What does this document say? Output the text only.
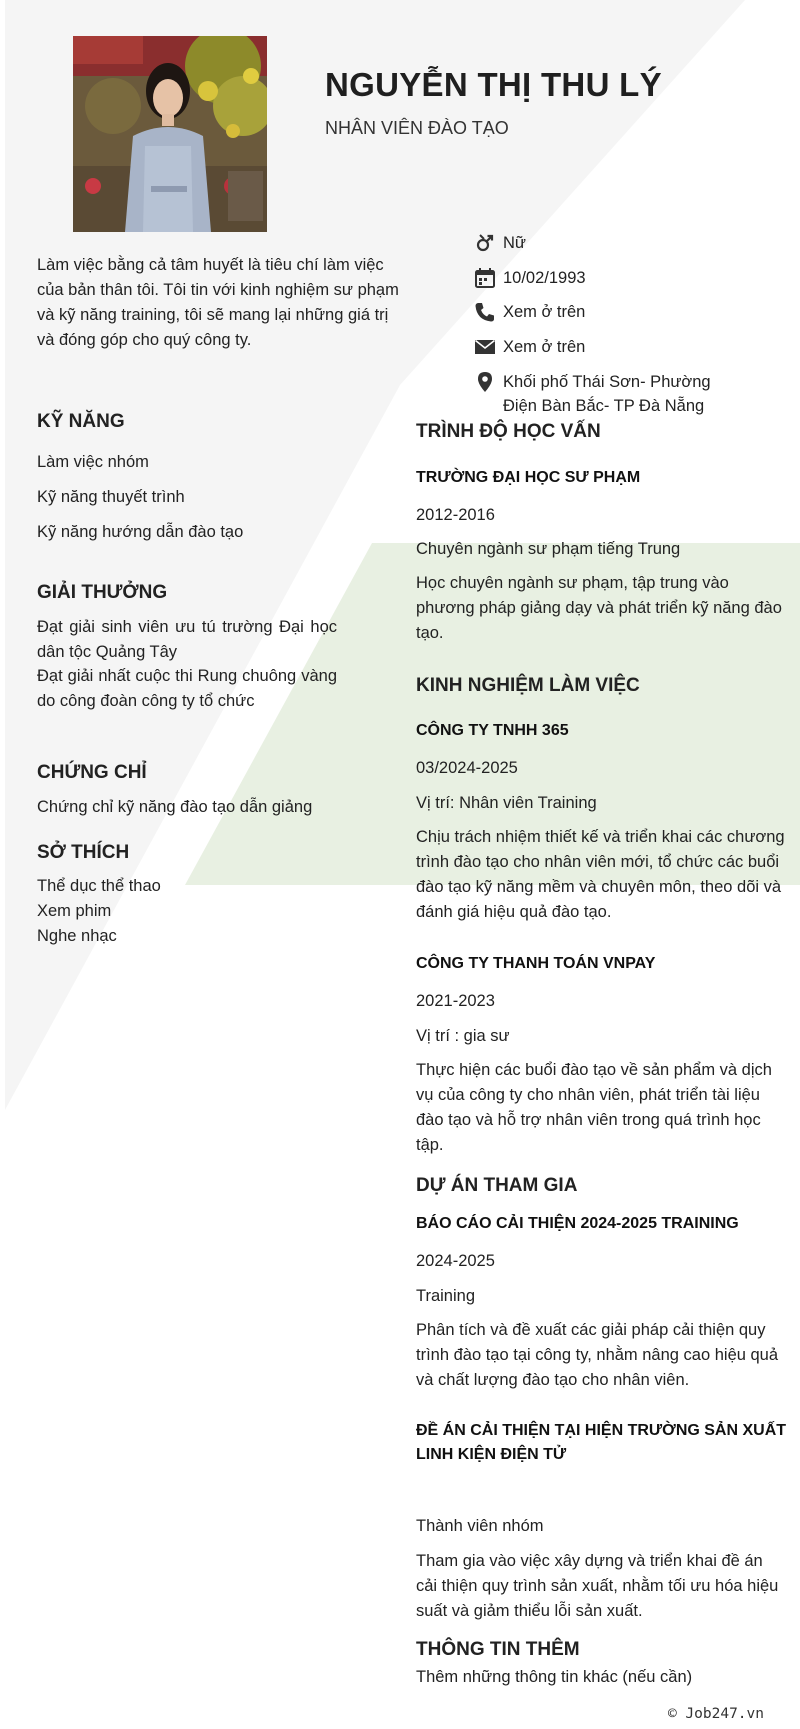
NGUYỄN THỊ THU LÝ
NHÂN VIÊN ĐÀO TẠO
Làm việc bằng cả tâm huyết là tiêu chí làm việc của bản thân tôi. Tôi tin với kinh nghiệm sư phạm và kỹ năng training, tôi sẽ mang lại những giá trị và đóng góp cho quý công ty.
Nữ
10/02/1993
Xem ở trên
Xem ở trên
Khối phố Thái Sơn- Phường
Điện Bàn Bắc- TP Đà Nẵng
KỸ NĂNG
Làm việc nhóm
Kỹ năng thuyết trình
Kỹ năng hướng dẫn đào tạo
GIẢI THƯỞNG
Đạt giải sinh viên ưu tú trường Đại học dân tộc Quảng Tây
Đạt giải nhất cuộc thi Rung chuông vàng do công đoàn công ty tổ chức
CHỨNG CHỈ
Chứng chỉ kỹ năng đào tạo dẫn giảng
SỞ THÍCH
Thể dục thể thao
Xem phim
Nghe nhạc
TRÌNH ĐỘ HỌC VẤN
TRƯỜNG ĐẠI HỌC SƯ PHẠM
2012-2016
Chuyên ngành sư phạm tiếng Trung
Học chuyên ngành sư phạm, tập trung vào phương pháp giảng dạy và phát triển kỹ năng đào tạo.
KINH NGHIỆM LÀM VIỆC
CÔNG TY TNHH 365
03/2024-2025
Vị trí: Nhân viên Training
Chịu trách nhiệm thiết kế và triển khai các chương trình đào tạo cho nhân viên mới, tổ chức các buổi đào tạo kỹ năng mềm và chuyên môn, theo dõi và đánh giá hiệu quả đào tạo.
CÔNG TY THANH TOÁN VNPAY
2021-2023
Vị trí : gia sư
Thực hiện các buổi đào tạo về sản phẩm và dịch vụ của công ty cho nhân viên, phát triển tài liệu đào tạo và hỗ trợ nhân viên trong quá trình học tập.
DỰ ÁN THAM GIA
BÁO CÁO CẢI THIỆN 2024-2025 TRAINING
2024-2025
Training
Phân tích và đề xuất các giải pháp cải thiện quy trình đào tạo tại công ty, nhằm nâng cao hiệu quả và chất lượng đào tạo cho nhân viên.
ĐỀ ÁN CẢI THIỆN TẠI HIỆN TRƯỜNG SẢN XUẤT LINH KIỆN ĐIỆN TỬ
Thành viên nhóm
Tham gia vào việc xây dựng và triển khai đề án cải thiện quy trình sản xuất, nhằm tối ưu hóa hiệu suất và giảm thiểu lỗi sản xuất.
THÔNG TIN THÊM
Thêm những thông tin khác (nếu cần)
© Job247.vn
